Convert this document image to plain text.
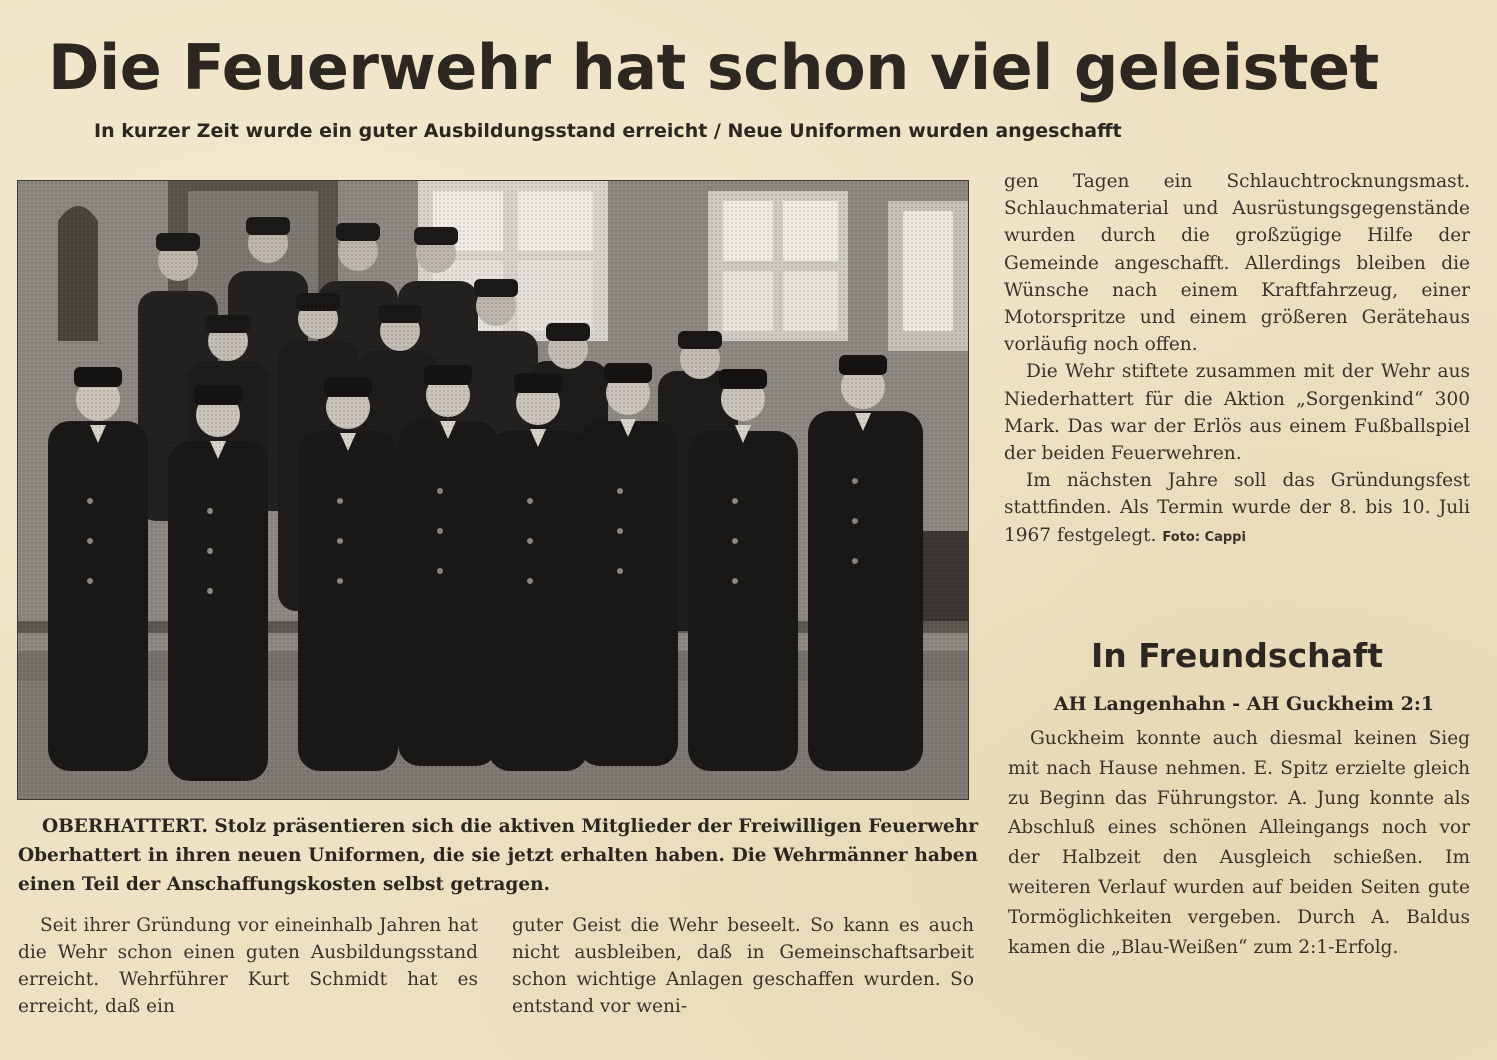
Die Feuerwehr hat schon viel geleistet
In kurzer Zeit wurde ein guter Ausbildungsstand erreicht / Neue Uniformen wurden angeschafft

OBERHATTERT. Stolz präsentieren sich die aktiven Mitglieder der Freiwilligen Feuerwehr Oberhattert in ihren neuen Uniformen, die sie jetzt erhalten haben. Die Wehrmänner haben einen Teil der Anschaffungskosten selbst getragen.

Seit ihrer Gründung vor eineinhalb Jahren hat die Wehr schon einen guten Ausbildungsstand erreicht. Wehrführer Kurt Schmidt hat es erreicht, daß ein

guter Geist die Wehr beseelt. So kann es auch nicht ausbleiben, daß in Gemeinschaftsarbeit schon wichtige Anlagen geschaffen wurden. So entstand vor weni-

gen Tagen ein Schlauchtrocknungsmast. Schlauchmaterial und Ausrüstungsgegenstände wurden durch die großzügige Hilfe der Gemeinde angeschafft. Allerdings bleiben die Wünsche nach einem Kraftfahrzeug, einer Motorspritze und einem größeren Gerätehaus vorläufig noch offen.

Die Wehr stiftete zusammen mit der Wehr aus Niederhattert für die Aktion „Sorgenkind“ 300 Mark. Das war der Erlös aus einem Fußballspiel der beiden Feuerwehren.

Im nächsten Jahre soll das Gründungsfest stattfinden. Als Termin wurde der 8. bis 10. Juli 1967 festgelegt. Foto: Cappi

In Freundschaft

AH Langenhahn - AH Guckheim 2:1

Guckheim konnte auch diesmal keinen Sieg mit nach Hause nehmen. E. Spitz erzielte gleich zu Beginn das Führungstor. A. Jung konnte als Abschluß eines schönen Alleingangs noch vor der Halbzeit den Ausgleich schießen. Im weiteren Verlauf wurden auf beiden Seiten gute Tormöglichkeiten vergeben. Durch A. Baldus kamen die „Blau-Weißen“ zum 2:1-Erfolg.
